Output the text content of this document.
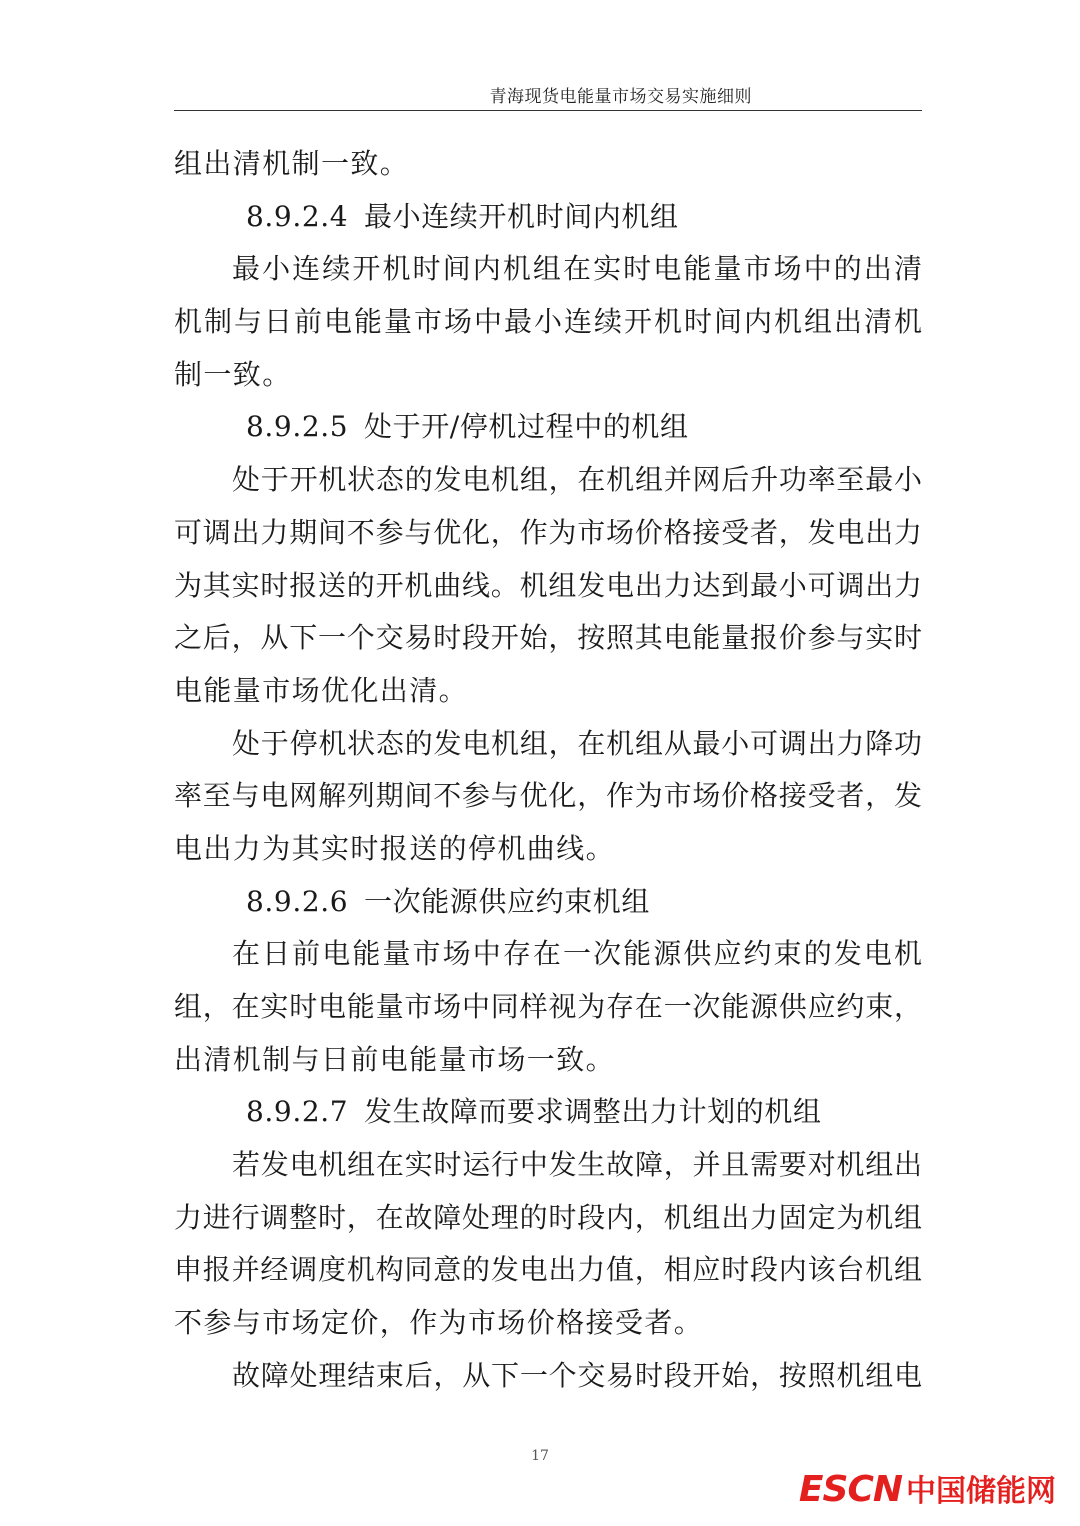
青海现货电能量市场交易实施细则
组出清机制一致。
8.9.2.4 最小连续开机时间内机组
最小连续开机时间内机组在实时电能量市场中的出清
机制与日前电能量市场中最小连续开机时间内机组出清机
制一致。
8.9.2.5 处于开/停机过程中的机组
处于开机状态的发电机组，在机组并网后升功率至最小
可调出力期间不参与优化，作为市场价格接受者，发电出力
为其实时报送的开机曲线。机组发电出力达到最小可调出力
之后，从下一个交易时段开始，按照其电能量报价参与实时
电能量市场优化出清。
处于停机状态的发电机组，在机组从最小可调出力降功
率至与电网解列期间不参与优化，作为市场价格接受者，发
电出力为其实时报送的停机曲线。
8.9.2.6 一次能源供应约束机组
在日前电能量市场中存在一次能源供应约束的发电机
组，在实时电能量市场中同样视为存在一次能源供应约束，
出清机制与日前电能量市场一致。
8.9.2.7 发生故障而要求调整出力计划的机组
若发电机组在实时运行中发生故障，并且需要对机组出
力进行调整时，在故障处理的时段内，机组出力固定为机组
申报并经调度机构同意的发电出力值，相应时段内该台机组
不参与市场定价，作为市场价格接受者。
故障处理结束后，从下一个交易时段开始，按照机组电
17
ESCN 中国储能网
